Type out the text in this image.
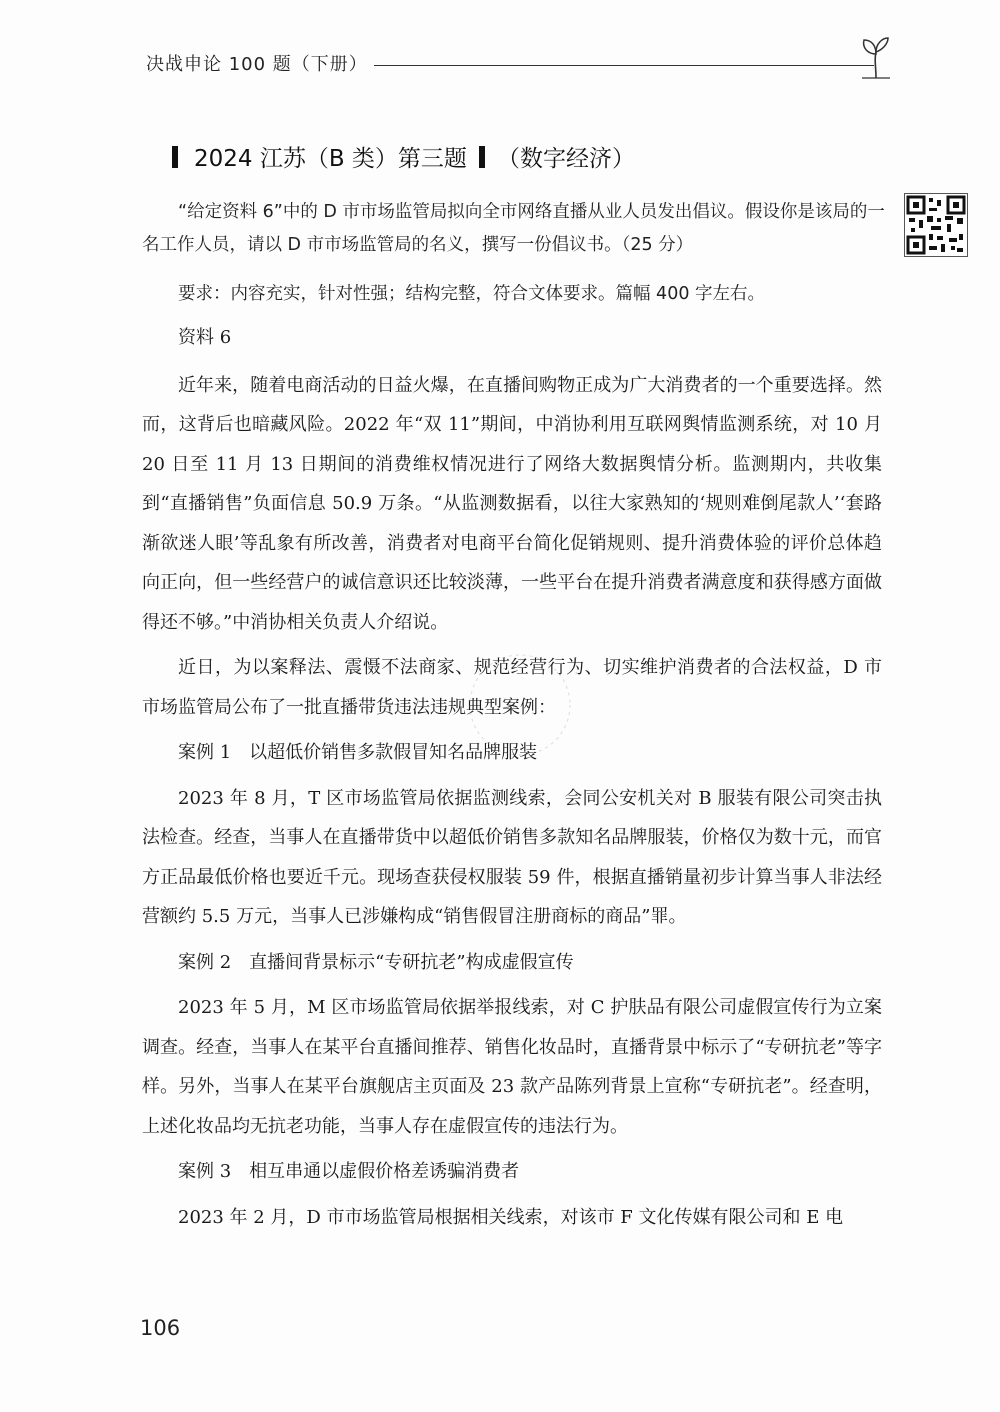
决战申论 100 题（下册）
2024 江苏（B 类）第三题 （数字经济）
“给定资料 6”中的 D 市市场监管局拟向全市网络直播从业人员发出倡议。假设你是该局的一名工作人员，请以 D 市市场监管局的名义，撰写一份倡议书。（25 分）
要求：内容充实，针对性强；结构完整，符合文体要求。篇幅 400 字左右。

资料 6

近年来，随着电商活动的日益火爆，在直播间购物正成为广大消费者的一个重要选择。然而，这背后也暗藏风险。2022 年“双 11”期间，中消协利用互联网舆情监测系统，对 10 月 20 日至 11 月 13 日期间的消费维权情况进行了网络大数据舆情分析。监测期内，共收集到“直播销售”负面信息 50.9 万条。“从监测数据看，以往大家熟知的‘规则难倒尾款人’‘套路渐欲迷人眼’等乱象有所改善，消费者对电商平台简化促销规则、提升消费体验的评价总体趋向正向，但一些经营户的诚信意识还比较淡薄，一些平台在提升消费者满意度和获得感方面做得还不够。”中消协相关负责人介绍说。

近日，为以案释法、震慑不法商家、规范经营行为、切实维护消费者的合法权益，D 市市场监管局公布了一批直播带货违法违规典型案例：

案例 1　以超低价销售多款假冒知名品牌服装

2023 年 8 月，T 区市场监管局依据监测线索，会同公安机关对 B 服装有限公司突击执法检查。经查，当事人在直播带货中以超低价销售多款知名品牌服装，价格仅为数十元，而官方正品最低价格也要近千元。现场查获侵权服装 59 件，根据直播销量初步计算当事人非法经营额约 5.5 万元，当事人已涉嫌构成“销售假冒注册商标的商品”罪。

案例 2　直播间背景标示“专研抗老”构成虚假宣传

2023 年 5 月，M 区市场监管局依据举报线索，对 C 护肤品有限公司虚假宣传行为立案调查。经查，当事人在某平台直播间推荐、销售化妆品时，直播背景中标示了“专研抗老”等字样。另外，当事人在某平台旗舰店主页面及 23 款产品陈列背景上宣称“专研抗老”。经查明，上述化妆品均无抗老功能，当事人存在虚假宣传的违法行为。

案例 3　相互串通以虚假价格差诱骗消费者

2023 年 2 月，D 市市场监管局根据相关线索，对该市 F 文化传媒有限公司和 E 电

106
